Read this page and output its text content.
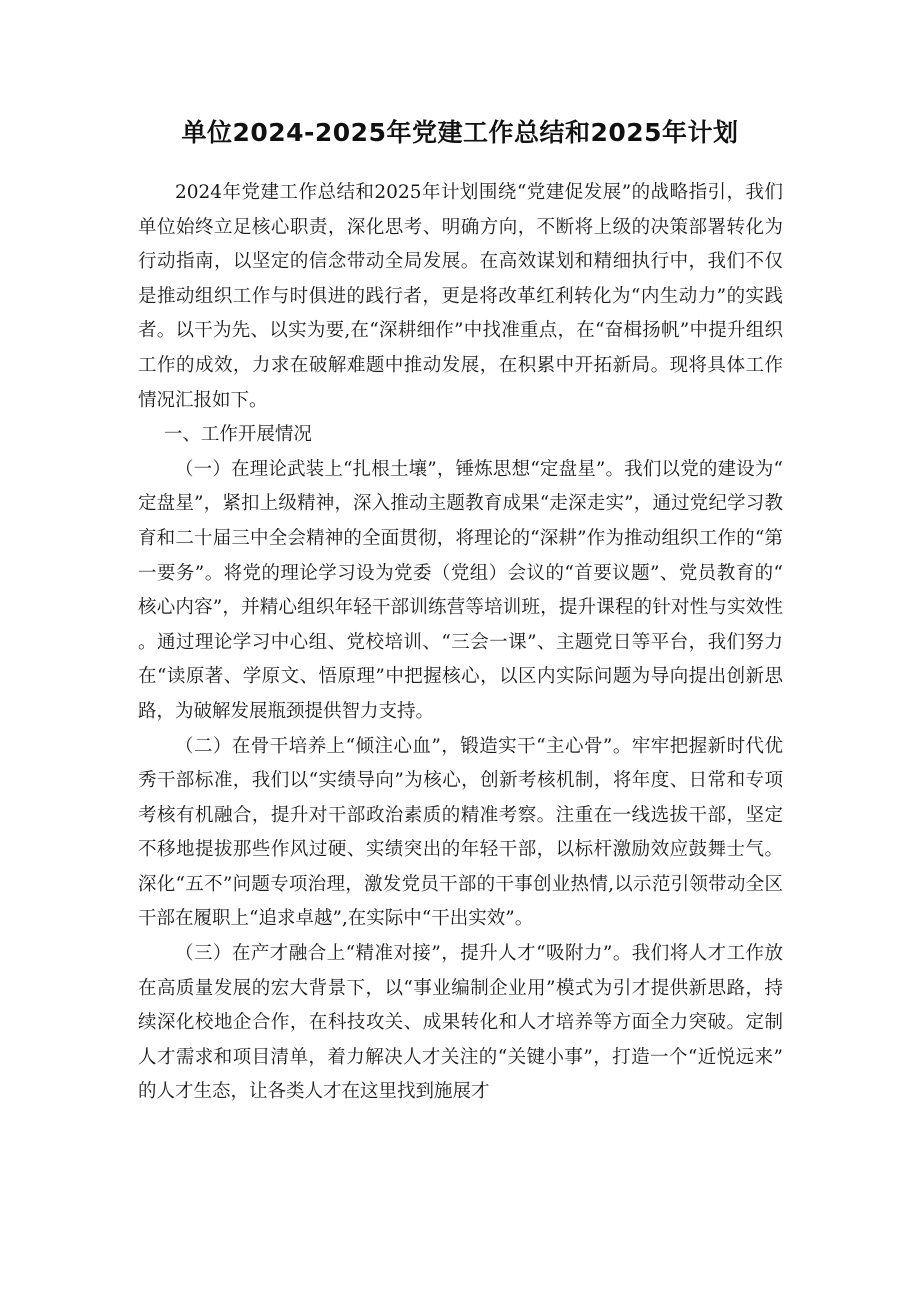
单位2024-2025年党建工作总结和2025年计划

2024年党建工作总结和2025年计划围绕“党建促发展”的战略指引，我们单位始终立足核心职责，深化思考、明确方向，不断将上级的决策部署转化为行动指南，以坚定的信念带动全局发展。在高效谋划和精细执行中，我们不仅是推动组织工作与时俱进的践行者，更是将改革红利转化为“内生动力”的实践者。以干为先、以实为要,在“深耕细作”中找准重点，在“奋楫扬帆”中提升组织工作的成效，力求在破解难题中推动发展，在积累中开拓新局。现将具体工作情况汇报如下。

一、工作开展情况

（一）在理论武装上“扎根土壤”，锤炼思想“定盘星”。我们以党的建设为“定盘星”，紧扣上级精神，深入推动主题教育成果“走深走实”，通过党纪学习教育和二十届三中全会精神的全面贯彻，将理论的“深耕”作为推动组织工作的“第一要务”。将党的理论学习设为党委（党组）会议的“首要议题”、党员教育的“核心内容”，并精心组织年轻干部训练营等培训班，提升课程的针对性与实效性。通过理论学习中心组、党校培训、“三会一课”、主题党日等平台，我们努力在“读原著、学原文、悟原理”中把握核心，以区内实际问题为导向提出创新思路，为破解发展瓶颈提供智力支持。

（二）在骨干培养上“倾注心血”，锻造实干“主心骨”。牢牢把握新时代优秀干部标准，我们以“实绩导向”为核心，创新考核机制，将年度、日常和专项考核有机融合，提升对干部政治素质的精准考察。注重在一线选拔干部，坚定不移地提拔那些作风过硬、实绩突出的年轻干部，以标杆激励效应鼓舞士气。深化“五不”问题专项治理，激发党员干部的干事创业热情,以示范引领带动全区干部在履职上“追求卓越”,在实际中“干出实效”。

（三）在产才融合上“精准对接”，提升人才“吸附力”。我们将人才工作放在高质量发展的宏大背景下，以“事业编制企业用”模式为引才提供新思路，持续深化校地企合作，在科技攻关、成果转化和人才培养等方面全力突破。定制人才需求和项目清单，着力解决人才关注的“关键小事”，打造一个“近悦远来”的人才生态，让各类人才在这里找到施展才
